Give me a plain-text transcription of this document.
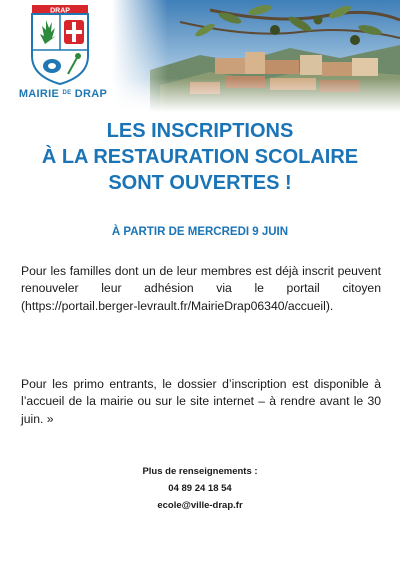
DRAP
MAIRIE $^{DE}$ DRAP
LES INSCRIPTIONS
À LA RESTAURATION SCOLAIRE
SONT OUVERTES !
À PARTIR DE MERCREDI 9 JUIN

Pour les familles dont un de leur membres est déjà inscrit peuvent renouveler leur adhésion via le portail citoyen (https://portail.berger-levrault.fr/MairieDrap06340/accueil).

Pour les primo entrants, le dossier d’inscription est disponible à l’accueil de la mairie ou sur le site internet – à rendre avant le 30 juin. »

Plus de renseignements :
04 89 24 18 54
ecole@ville-drap.fr
